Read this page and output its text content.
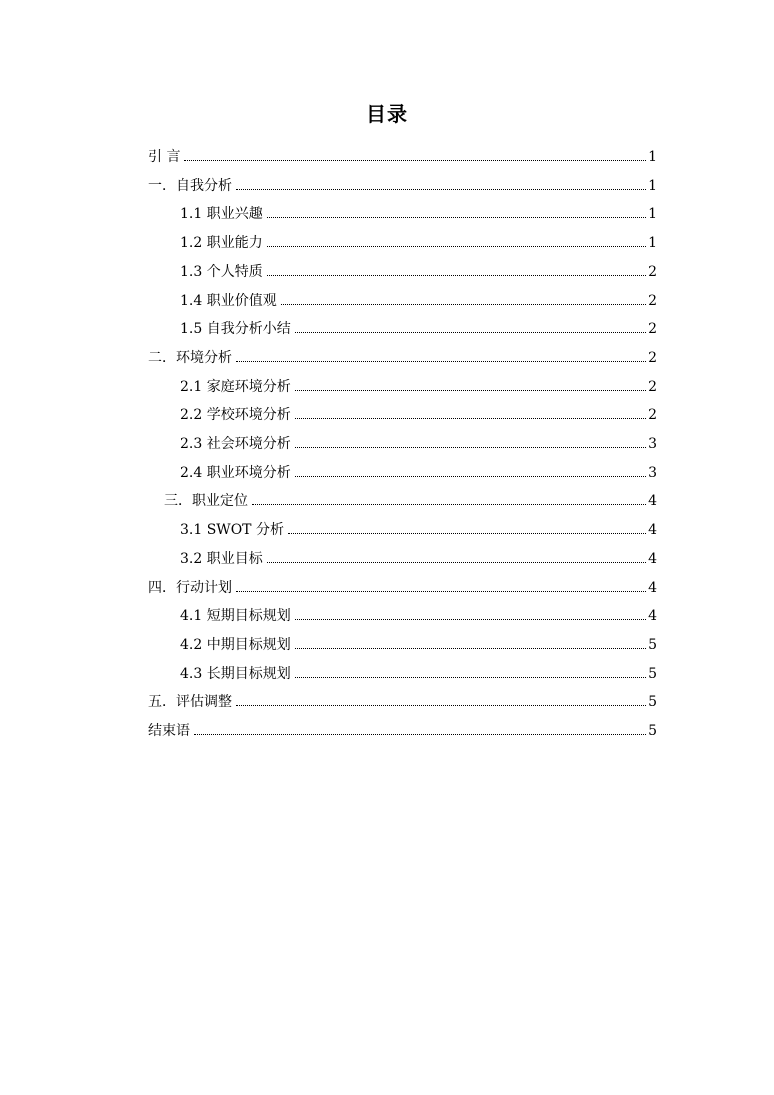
目录
引 言	1
一．自我分析	1
1.1 职业兴趣	1
1.2 职业能力	1
1.3 个人特质	2
1.4 职业价值观	2
1.5 自我分析小结	2
二．环境分析	2
2.1 家庭环境分析	2
2.2 学校环境分析	2
2.3 社会环境分析	3
2.4 职业环境分析	3
三．职业定位	4
3.1 SWOT 分析	4
3.2 职业目标	4
四．行动计划	4
4.1 短期目标规划	4
4.2 中期目标规划	5
4.3 长期目标规划	5
五．评估调整	5
结束语	5
